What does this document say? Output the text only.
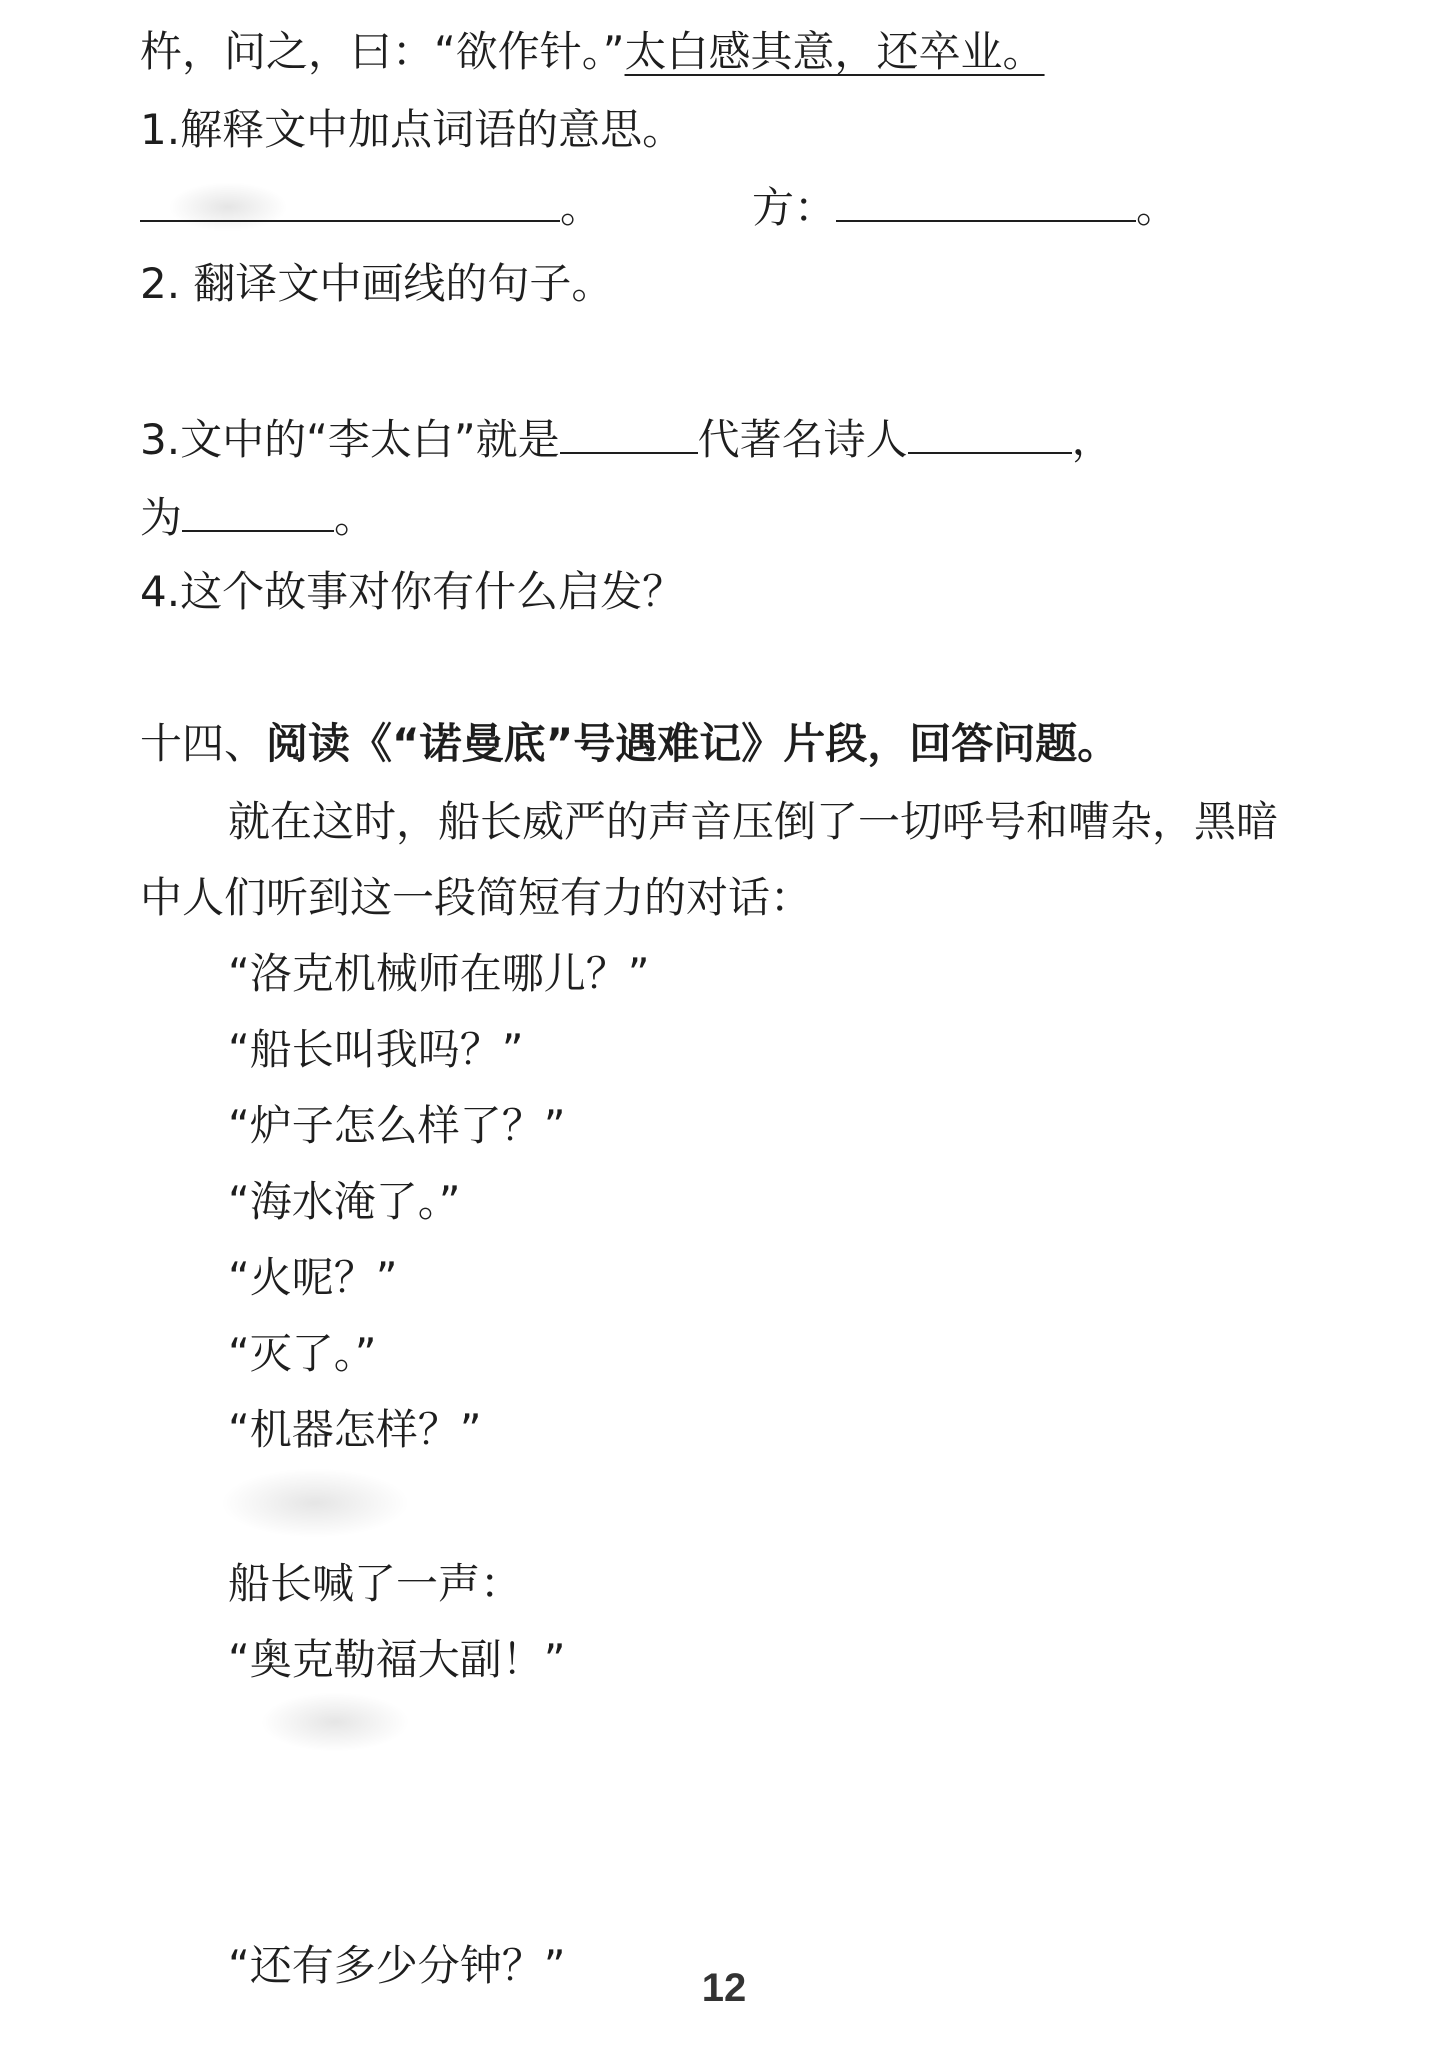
杵，问之，曰：“欲作针。”太白感其意，还卒业。
1.解释文中加点词语的意思。
。	方：	。
2. 翻译文中画线的句子。
3.文中的“李太白”就是	代著名诗人	，
为	。
4.这个故事对你有什么启发？
十四、阅读《“诺曼底”号遇难记》片段，回答问题。
就在这时，船长威严的声音压倒了一切呼号和嘈杂，黑暗
中人们听到这一段简短有力的对话：
“洛克机械师在哪儿？”
“船长叫我吗？”
“炉子怎么样了？”
“海水淹了。”
“火呢？”
“灭了。”
“机器怎样？”
船长喊了一声：
“奥克勒福大副！”
“还有多少分钟？”	12
